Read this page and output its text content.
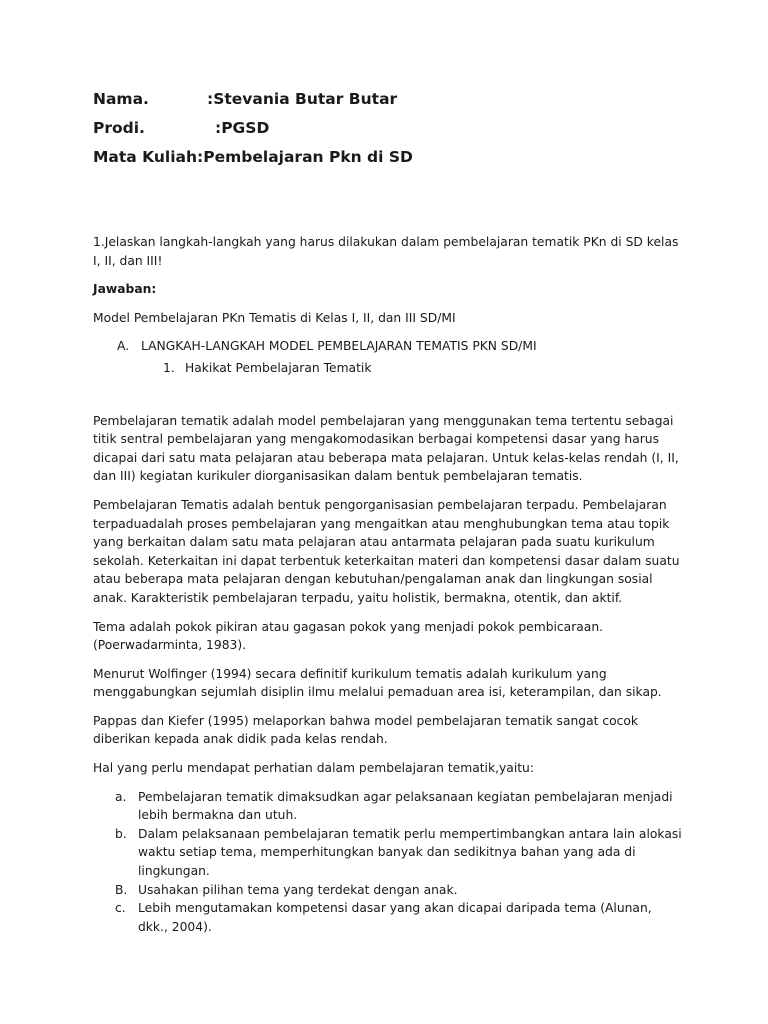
Nama.	:Stevania Butar Butar
Prodi.	:PGSD
Mata Kuliah:Pembelajaran Pkn di SD

1.Jelaskan langkah-langkah yang harus dilakukan dalam pembelajaran tematik PKn di SD kelas I, II, dan III!

Jawaban:

Model Pembelajaran PKn Tematis di Kelas I, II, dan III SD/MI

A. LANGKAH-LANGKAH MODEL PEMBELAJARAN TEMATIS PKN SD/MI
1. Hakikat Pembelajaran Tematik

Pembelajaran tematik adalah model pembelajaran yang menggunakan tema tertentu sebagai titik sentral pembelajaran yang mengakomodasikan berbagai kompetensi dasar yang harus dicapai dari satu mata pelajaran atau beberapa mata pelajaran. Untuk kelas-kelas rendah (I, II, dan III) kegiatan kurikuler diorganisasikan dalam bentuk pembelajaran tematis.

Pembelajaran Tematis adalah bentuk pengorganisasian pembelajaran terpadu. Pembelajaran terpaduadalah proses pembelajaran yang mengaitkan atau menghubungkan tema atau topik yang berkaitan dalam satu mata pelajaran atau antarmata pelajaran pada suatu kurikulum sekolah. Keterkaitan ini dapat terbentuk keterkaitan materi dan kompetensi dasar dalam suatu atau beberapa mata pelajaran dengan kebutuhan/pengalaman anak dan lingkungan sosial anak. Karakteristik pembelajaran terpadu, yaitu holistik, bermakna, otentik, dan aktif.

Tema adalah pokok pikiran atau gagasan pokok yang menjadi pokok pembicaraan. (Poerwadarminta, 1983).

Menurut Wolfinger (1994) secara definitif kurikulum tematis adalah kurikulum yang menggabungkan sejumlah disiplin ilmu melalui pemaduan area isi, keterampilan, dan sikap.

Pappas dan Kiefer (1995) melaporkan bahwa model pembelajaran tematik sangat cocok diberikan kepada anak didik pada kelas rendah.

Hal yang perlu mendapat perhatian dalam pembelajaran tematik,yaitu:

a. Pembelajaran tematik dimaksudkan agar pelaksanaan kegiatan pembelajaran menjadi lebih bermakna dan utuh.
b. Dalam pelaksanaan pembelajaran tematik perlu mempertimbangkan antara lain alokasi waktu setiap tema, memperhitungkan banyak dan sedikitnya bahan yang ada di lingkungan.
B. Usahakan pilihan tema yang terdekat dengan anak.
c. Lebih mengutamakan kompetensi dasar yang akan dicapai daripada tema (Alunan, dkk., 2004).
